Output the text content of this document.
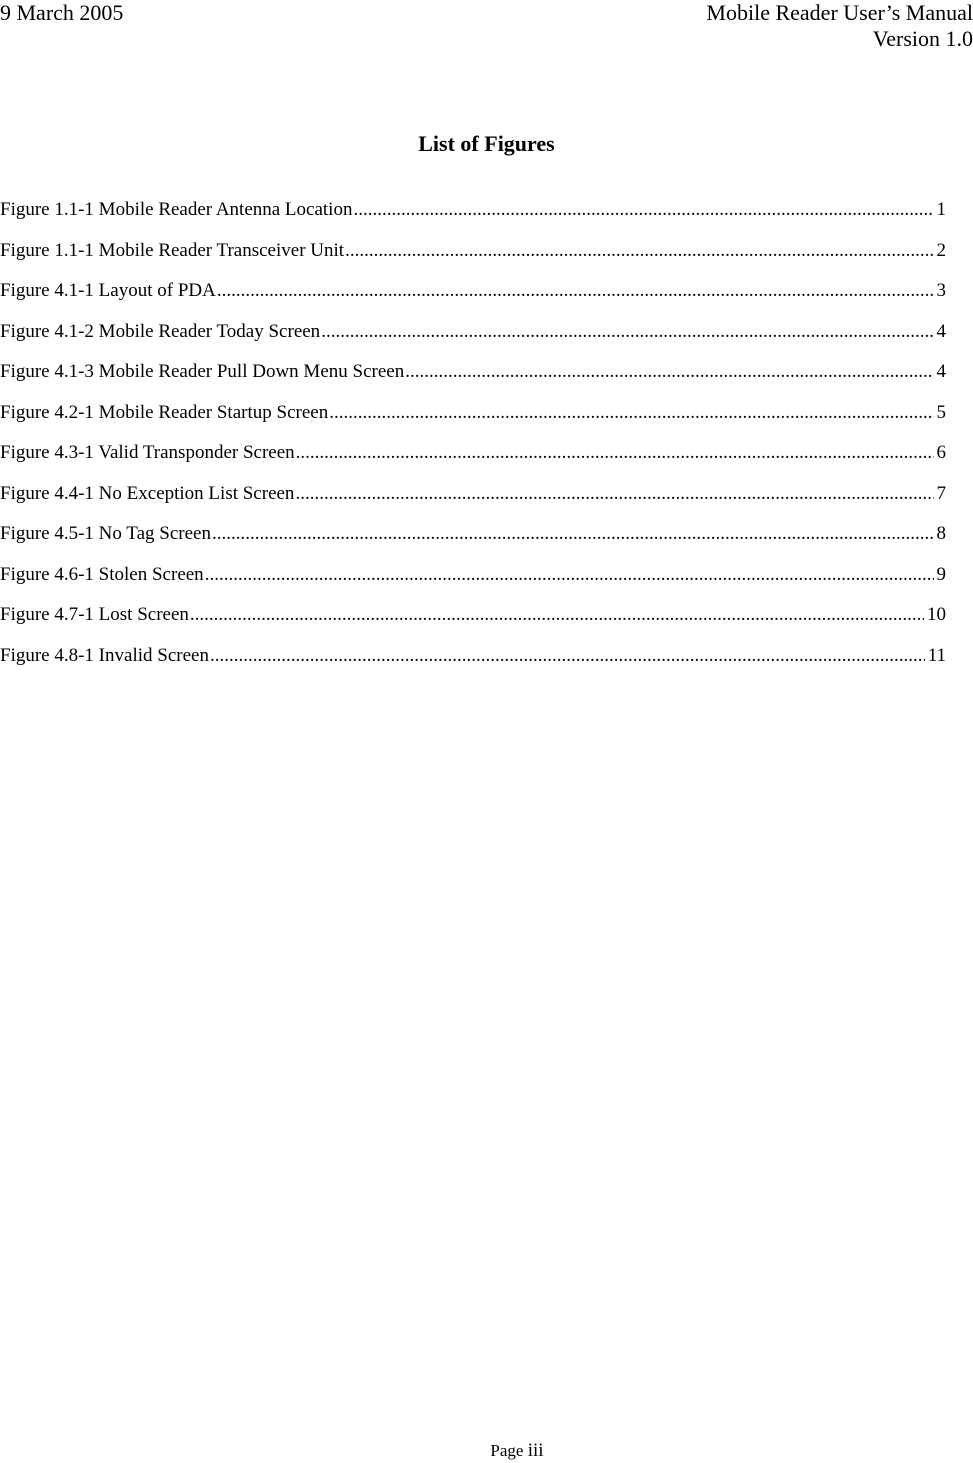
9 March 2005	Mobile Reader User’s Manual
Version 1.0
List of Figures
Figure 1.1-1 Mobile Reader Antenna Location .....	1
Figure 1.1-1 Mobile Reader Transceiver Unit .....	2
Figure 4.1-1 Layout of PDA .....	3
Figure 4.1-2 Mobile Reader Today Screen .....	4
Figure 4.1-3 Mobile Reader Pull Down Menu Screen .....	4
Figure 4.2-1 Mobile Reader Startup Screen .....	5
Figure 4.3-1 Valid Transponder Screen .....	6
Figure 4.4-1 No Exception List Screen .....	7
Figure 4.5-1 No Tag Screen .....	8
Figure 4.6-1 Stolen Screen .....	9
Figure 4.7-1 Lost Screen .....	10
Figure 4.8-1 Invalid Screen .....	11
Page iii
